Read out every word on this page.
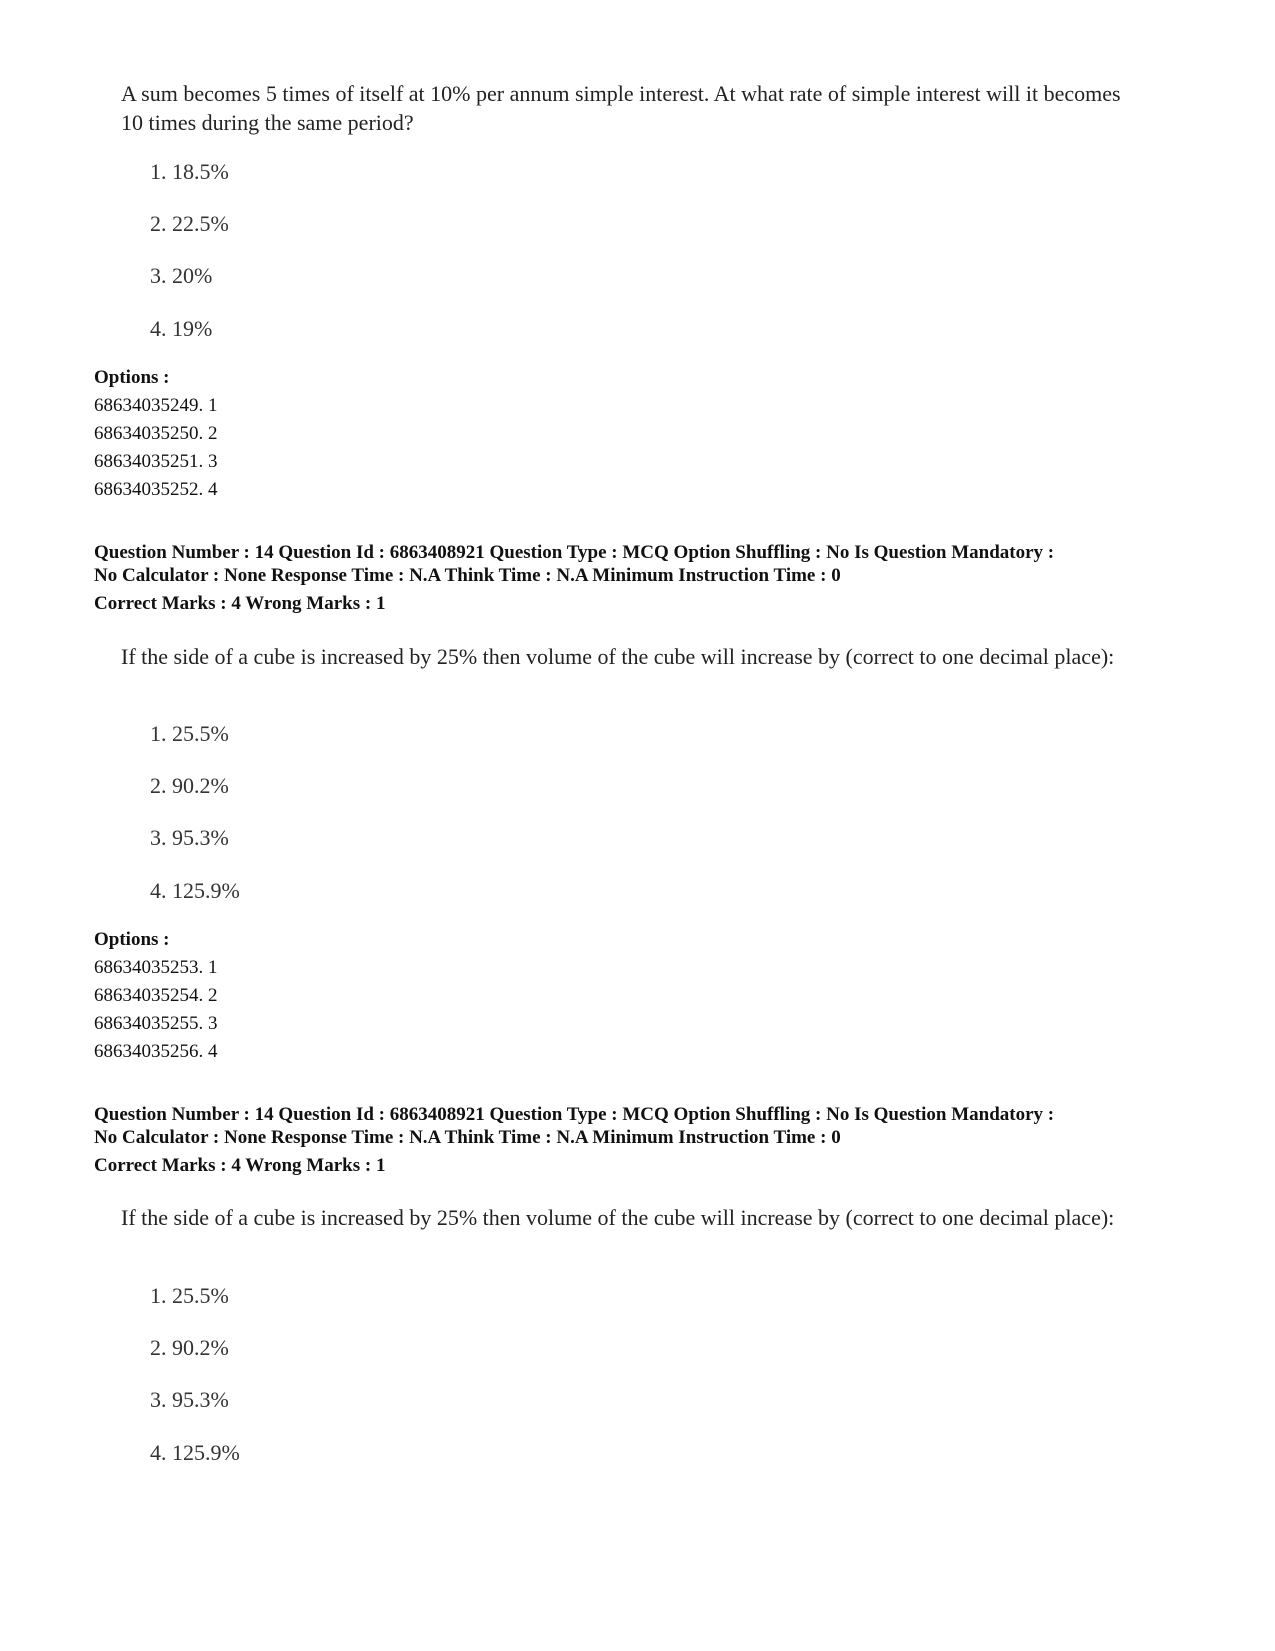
A sum becomes 5 times of itself at 10% per annum simple interest. At what rate of simple interest will it becomes 10 times during the same period?
1. 18.5%
2. 22.5%
3. 20%
4. 19%
Options :
68634035249. 1
68634035250. 2
68634035251. 3
68634035252. 4
Question Number : 14 Question Id : 6863408921 Question Type : MCQ Option Shuffling : No Is Question Mandatory :
No Calculator : None Response Time : N.A Think Time : N.A Minimum Instruction Time : 0
Correct Marks : 4 Wrong Marks : 1
If the side of a cube is increased by 25% then volume of the cube will increase by (correct to one decimal place):
1. 25.5%
2. 90.2%
3. 95.3%
4. 125.9%
Options :
68634035253. 1
68634035254. 2
68634035255. 3
68634035256. 4
Question Number : 14 Question Id : 6863408921 Question Type : MCQ Option Shuffling : No Is Question Mandatory :
No Calculator : None Response Time : N.A Think Time : N.A Minimum Instruction Time : 0
Correct Marks : 4 Wrong Marks : 1
If the side of a cube is increased by 25% then volume of the cube will increase by (correct to one decimal place):
1. 25.5%
2. 90.2%
3. 95.3%
4. 125.9%
